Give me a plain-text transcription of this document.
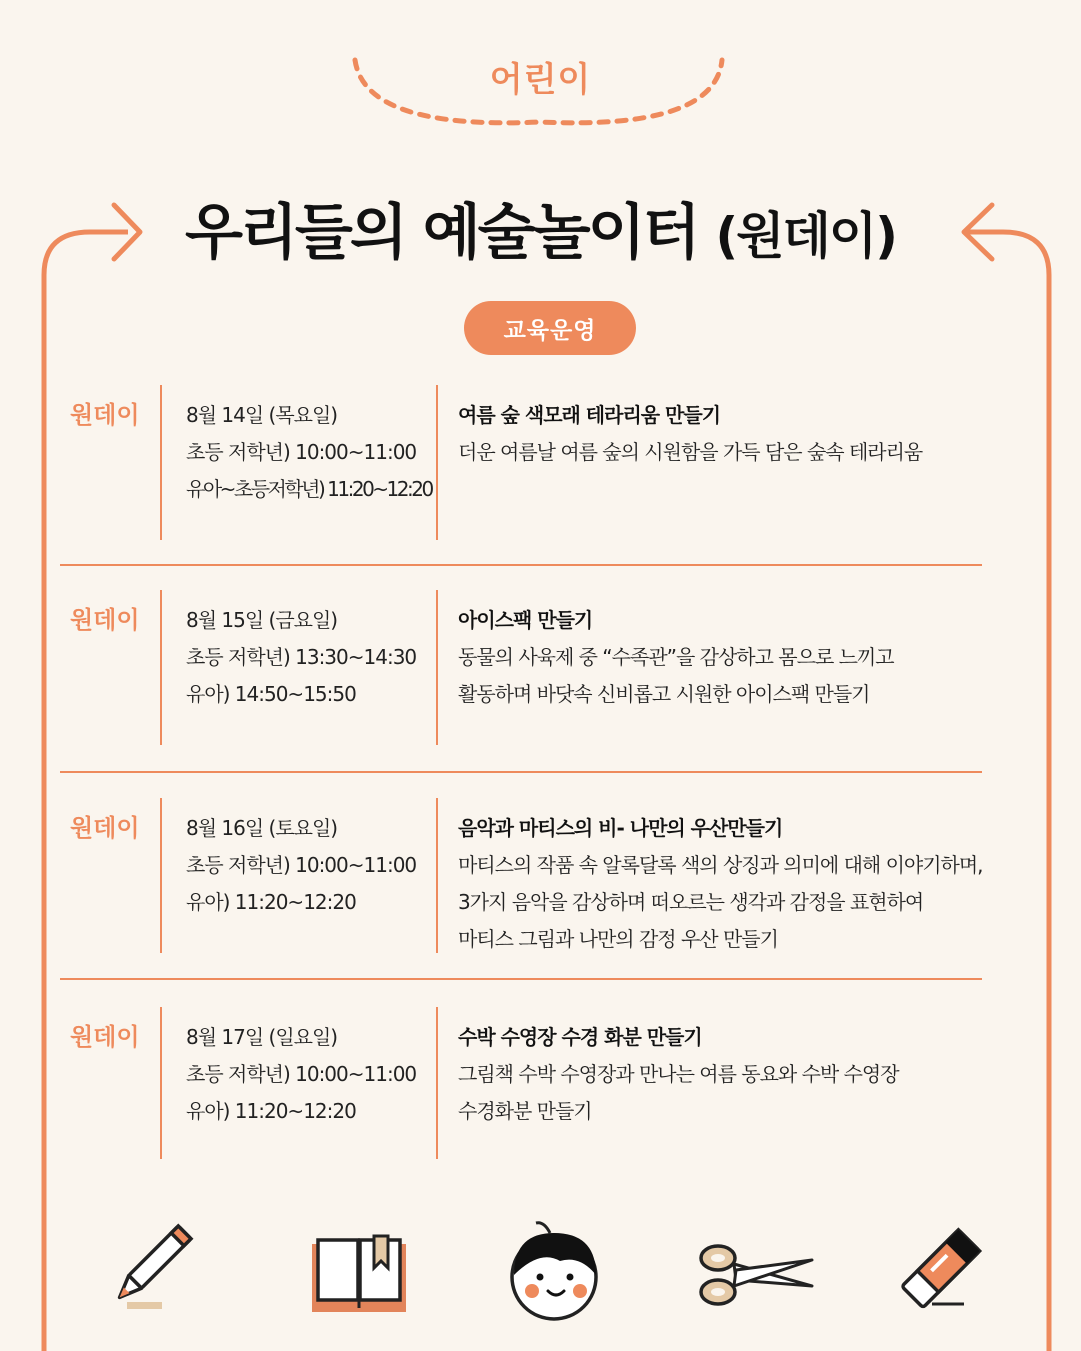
어린이
우리들의 예술놀이터 (원데이)
교육운영
원데이 8월 14일 (목요일)
초등 저학년) 10:00~11:00
유아~초등저학년) 11:20~12:20
여름 숲 색모래 테라리움 만들기
더운 여름날 여름 숲의 시원함을 가득 담은 숲속 테라리움
원데이 8월 15일 (금요일)
초등 저학년) 13:30~14:30
유아) 14:50~15:50
아이스팩 만들기
동물의 사육제 중 “수족관”을 감상하고 몸으로 느끼고
활동하며 바닷속 신비롭고 시원한 아이스팩 만들기
원데이 8월 16일 (토요일)
초등 저학년) 10:00~11:00
유아) 11:20~12:20
음악과 마티스의 비- 나만의 우산만들기
마티스의 작품 속 알록달록 색의 상징과 의미에 대해 이야기하며,
3가지 음악을 감상하며 떠오르는 생각과 감정을 표현하여
마티스 그림과 나만의 감정 우산 만들기
원데이 8월 17일 (일요일)
초등 저학년) 10:00~11:00
유아) 11:20~12:20
수박 수영장 수경 화분 만들기
그림책 수박 수영장과 만나는 여름 동요와 수박 수영장
수경화분 만들기
